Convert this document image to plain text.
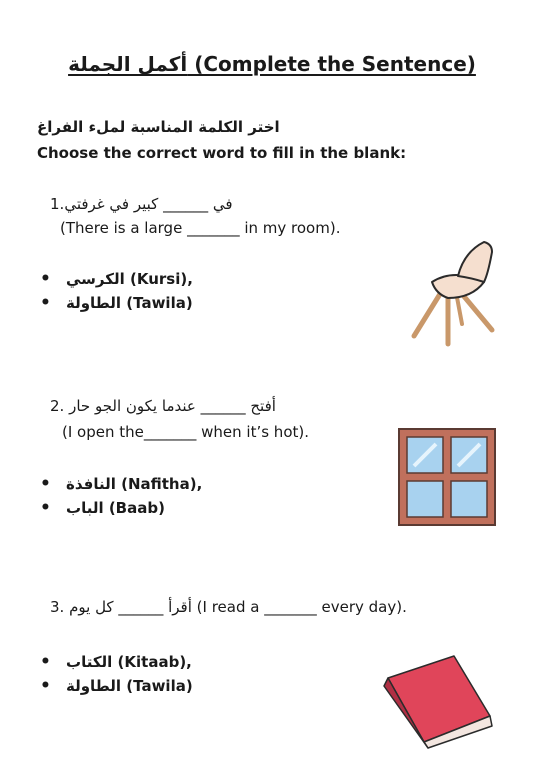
أكمل الجملة (Complete the Sentence)
اختر الكلمة المناسبة لملء الفراغ
Choose the correct word to fill in the blank:
1.في ______ كبير في غرفتي
(There is a large _______ in my room).
• الكرسي (Kursi),
• الطاولة (Tawila)
2. أفتح ______ عندما يكون الجو حار
(I open the_______ when it’s hot).
• النافذة (Nafitha),
• الباب (Baab)
3. أقرأ ______ كل يوم (I read a _______ every day).
• الكتاب (Kitaab),
• الطاولة (Tawila)
